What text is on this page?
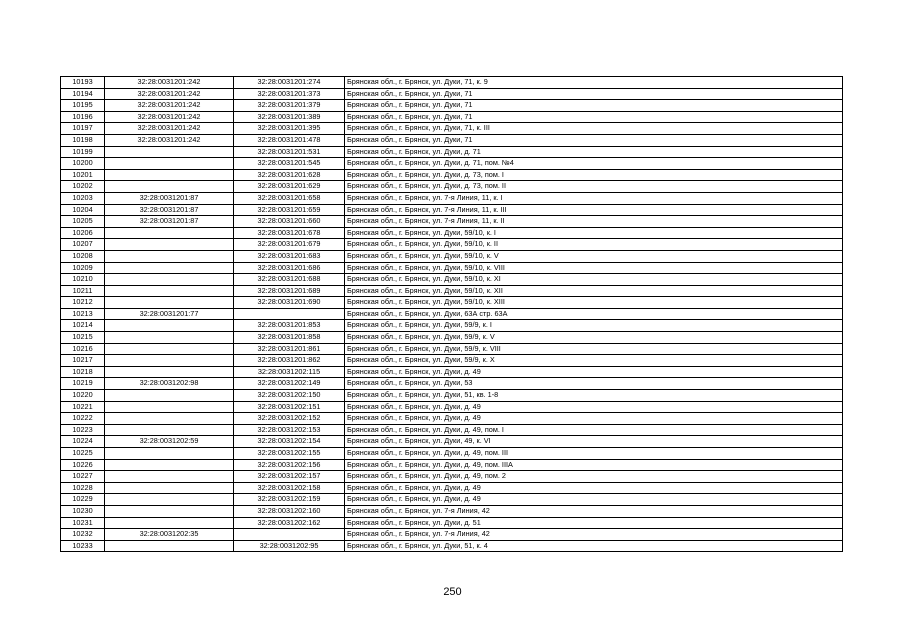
10193	32:28:0031201:242	32:28:0031201:274	Брянская обл., г. Брянск, ул. Дуки, 71, к. 9
10194	32:28:0031201:242	32:28:0031201:373	Брянская обл., г. Брянск, ул. Дуки, 71
10195	32:28:0031201:242	32:28:0031201:379	Брянская обл., г. Брянск, ул. Дуки, 71
10196	32:28:0031201:242	32:28:0031201:389	Брянская обл., г. Брянск, ул. Дуки, 71
10197	32:28:0031201:242	32:28:0031201:395	Брянская обл., г. Брянск, ул. Дуки, 71, к. III
10198	32:28:0031201:242	32:28:0031201:478	Брянская обл., г. Брянск, ул. Дуки, 71
10199		32:28:0031201:531	Брянская обл., г. Брянск, ул. Дуки, д. 71
10200		32:28:0031201:545	Брянская обл., г. Брянск, ул. Дуки, д. 71, пом. №4
10201		32:28:0031201:628	Брянская обл., г. Брянск, ул. Дуки, д. 73, пом. I
10202		32:28:0031201:629	Брянская обл., г. Брянск, ул. Дуки, д. 73, пом. II
10203	32:28:0031201:87	32:28:0031201:658	Брянская обл., г. Брянск, ул. 7-я Линия, 11, к. I
10204	32:28:0031201:87	32:28:0031201:659	Брянская обл., г. Брянск, ул. 7-я Линия, 11, к. III
10205	32:28:0031201:87	32:28:0031201:660	Брянская обл., г. Брянск, ул. 7-я Линия, 11, к. II
10206		32:28:0031201:678	Брянская обл., г. Брянск, ул. Дуки, 59/10, к. I
10207		32:28:0031201:679	Брянская обл., г. Брянск, ул. Дуки, 59/10, к. II
10208		32:28:0031201:683	Брянская обл., г. Брянск, ул. Дуки, 59/10, к. V
10209		32:28:0031201:686	Брянская обл., г. Брянск, ул. Дуки, 59/10, к. VIII
10210		32:28:0031201:688	Брянская обл., г. Брянск, ул. Дуки, 59/10, к. XI
10211		32:28:0031201:689	Брянская обл., г. Брянск, ул. Дуки, 59/10, к. XII
10212		32:28:0031201:690	Брянская обл., г. Брянск, ул. Дуки, 59/10, к. XIII
10213	32:28:0031201:77		Брянская обл., г. Брянск, ул. Дуки, 63А стр. 63А
10214		32:28:0031201:853	Брянская обл., г. Брянск, ул. Дуки, 59/9, к. I
10215		32:28:0031201:858	Брянская обл., г. Брянск, ул. Дуки, 59/9, к. V
10216		32:28:0031201:861	Брянская обл., г. Брянск, ул. Дуки, 59/9, к. VIII
10217		32:28:0031201:862	Брянская обл., г. Брянск, ул. Дуки, 59/9, к. X
10218		32:28:0031202:115	Брянская обл., г. Брянск, ул. Дуки, д. 49
10219	32:28:0031202:98	32:28:0031202:149	Брянская обл., г. Брянск, ул. Дуки, 53
10220		32:28:0031202:150	Брянская обл., г. Брянск, ул. Дуки, 51, кв. 1-8
10221		32:28:0031202:151	Брянская обл., г. Брянск, ул. Дуки, д. 49
10222		32:28:0031202:152	Брянская обл., г. Брянск, ул. Дуки, д. 49
10223		32:28:0031202:153	Брянская обл., г. Брянск, ул. Дуки, д. 49, пом. I
10224	32:28:0031202:59	32:28:0031202:154	Брянская обл., г. Брянск, ул. Дуки, 49, к. VI
10225		32:28:0031202:155	Брянская обл., г. Брянск, ул. Дуки, д. 49, пом. III
10226		32:28:0031202:156	Брянская обл., г. Брянск, ул. Дуки, д. 49, пом. IIIA
10227		32:28:0031202:157	Брянская обл., г. Брянск, ул. Дуки, д. 49, пом. 2
10228		32:28:0031202:158	Брянская обл., г. Брянск, ул. Дуки, д. 49
10229		32:28:0031202:159	Брянская обл., г. Брянск, ул. Дуки, д. 49
10230		32:28:0031202:160	Брянская обл., г. Брянск, ул. 7-я Линия, 42
10231		32:28:0031202:162	Брянская обл., г. Брянск, ул. Дуки, д. 51
10232	32:28:0031202:35		Брянская обл., г. Брянск, ул. 7-я Линия, 42
10233		32:28:0031202:95	Брянская обл., г. Брянск, ул. Дуки, 51, к. 4
250
